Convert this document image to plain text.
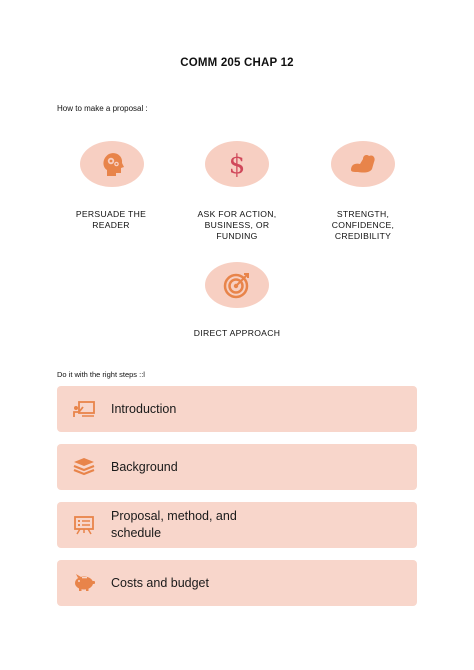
COMM 205 CHAP 12
How to make a proposal :
PERSUADE THE
READER
$
ASK FOR ACTION,
BUSINESS, OR
FUNDING
STRENGTH,
CONFIDENCE,
CREDIBILITY
DIRECT APPROACH
Do it with the right steps ::l
Introduction
Background
Proposal, method, and
schedule
Costs and budget
